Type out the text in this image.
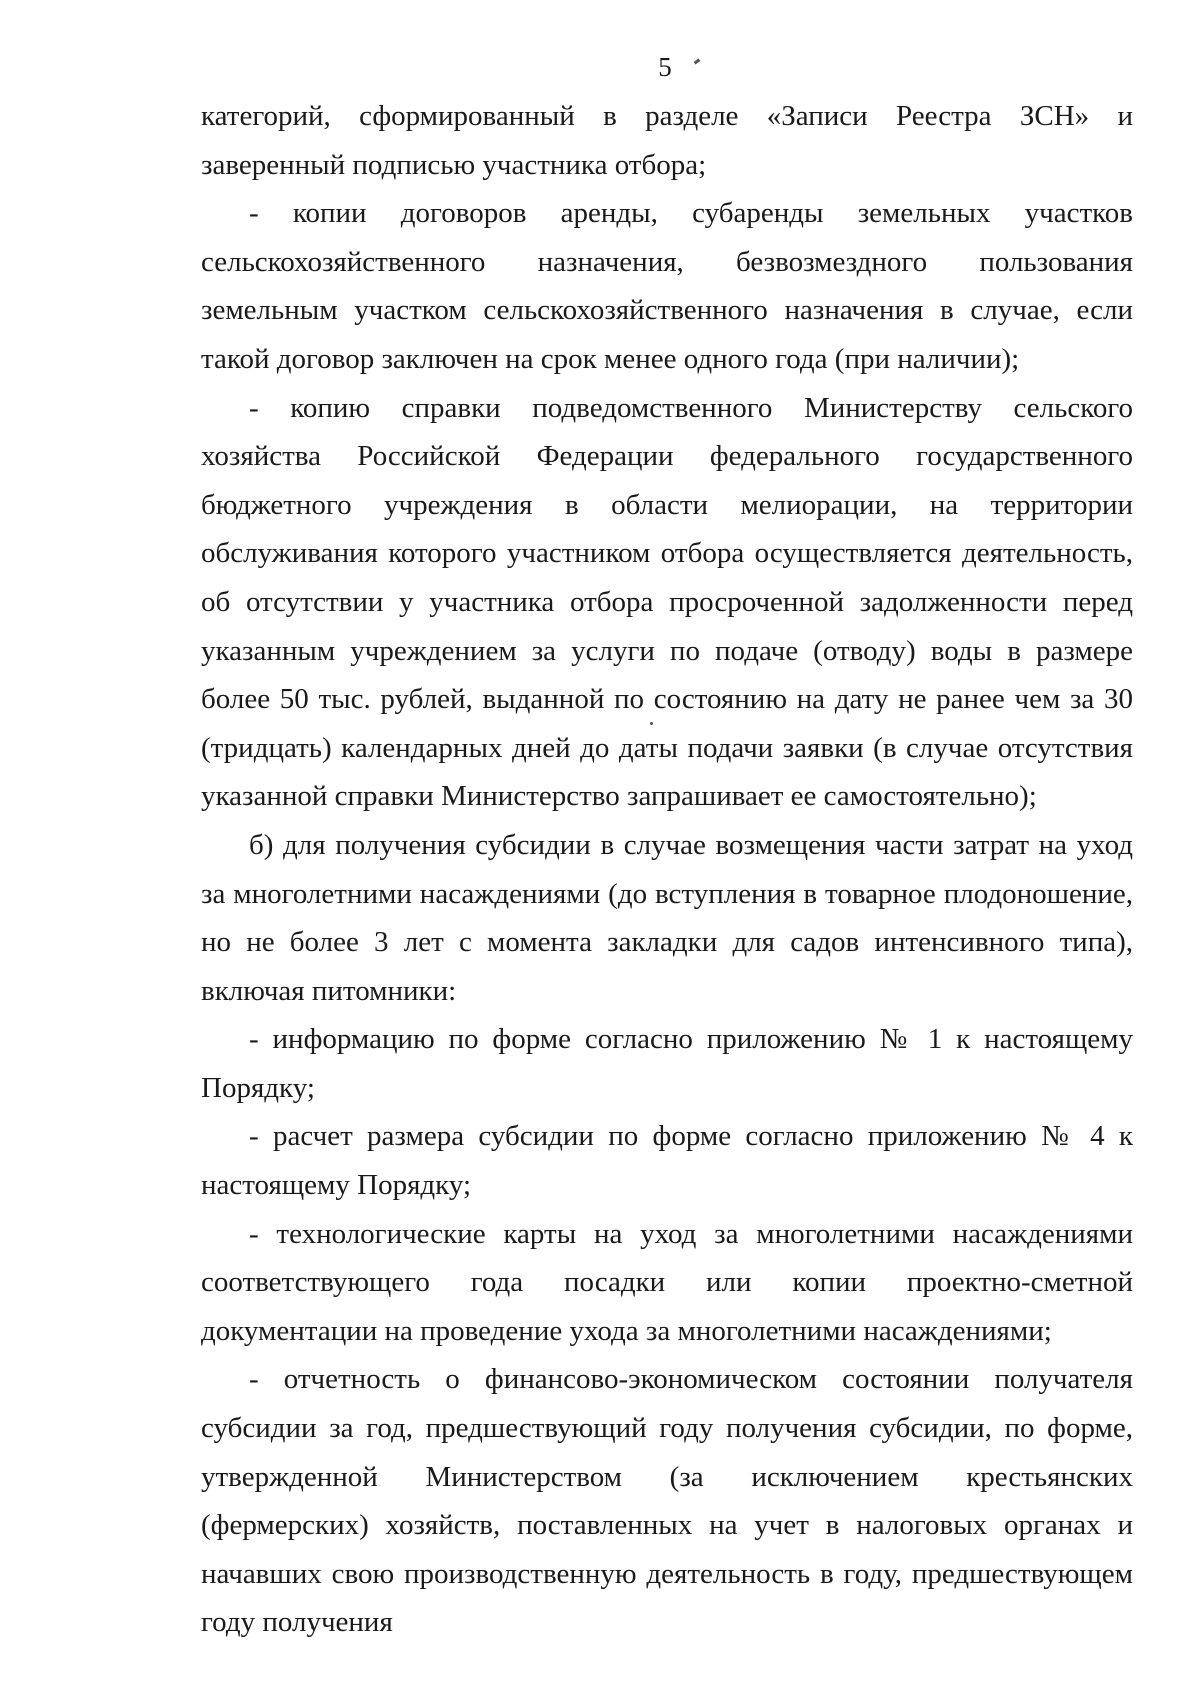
5

категорий, сформированный в разделе «Записи Реестра ЗСН» и заверенный подписью участника отбора;

- копии договоров аренды, субаренды земельных участков сельскохозяйственного назначения, безвозмездного пользования земельным участком сельскохозяйственного назначения в случае, если такой договор заключен на срок менее одного года (при наличии);

- копию справки подведомственного Министерству сельского хозяйства Российской Федерации федерального государственного бюджетного учреждения в области мелиорации, на территории обслуживания которого участником отбора осуществляется деятельность, об отсутствии у участника отбора просроченной задолженности перед указанным учреждением за услуги по подаче (отводу) воды в размере более 50 тыс. рублей, выданной по состоянию на дату не ранее чем за 30 (тридцать) календарных дней до даты подачи заявки (в случае отсутствия указанной справки Министерство запрашивает ее самостоятельно);

б) для получения субсидии в случае возмещения части затрат на уход за многолетними насаждениями (до вступления в товарное плодоношение, но не более 3 лет с момента закладки для садов интенсивного типа), включая питомники:

- информацию по форме согласно приложению № 1 к настоящему Порядку;

- расчет размера субсидии по форме согласно приложению № 4 к настоящему Порядку;

- технологические карты на уход за многолетними насаждениями соответствующего года посадки или копии проектно-сметной документации на проведение ухода за многолетними насаждениями;

- отчетность о финансово-экономическом состоянии получателя субсидии за год, предшествующий году получения субсидии, по форме, утвержденной Министерством (за исключением крестьянских (фермерских) хозяйств, поставленных на учет в налоговых органах и начавших свою производственную деятельность в году, предшествующем году получения
